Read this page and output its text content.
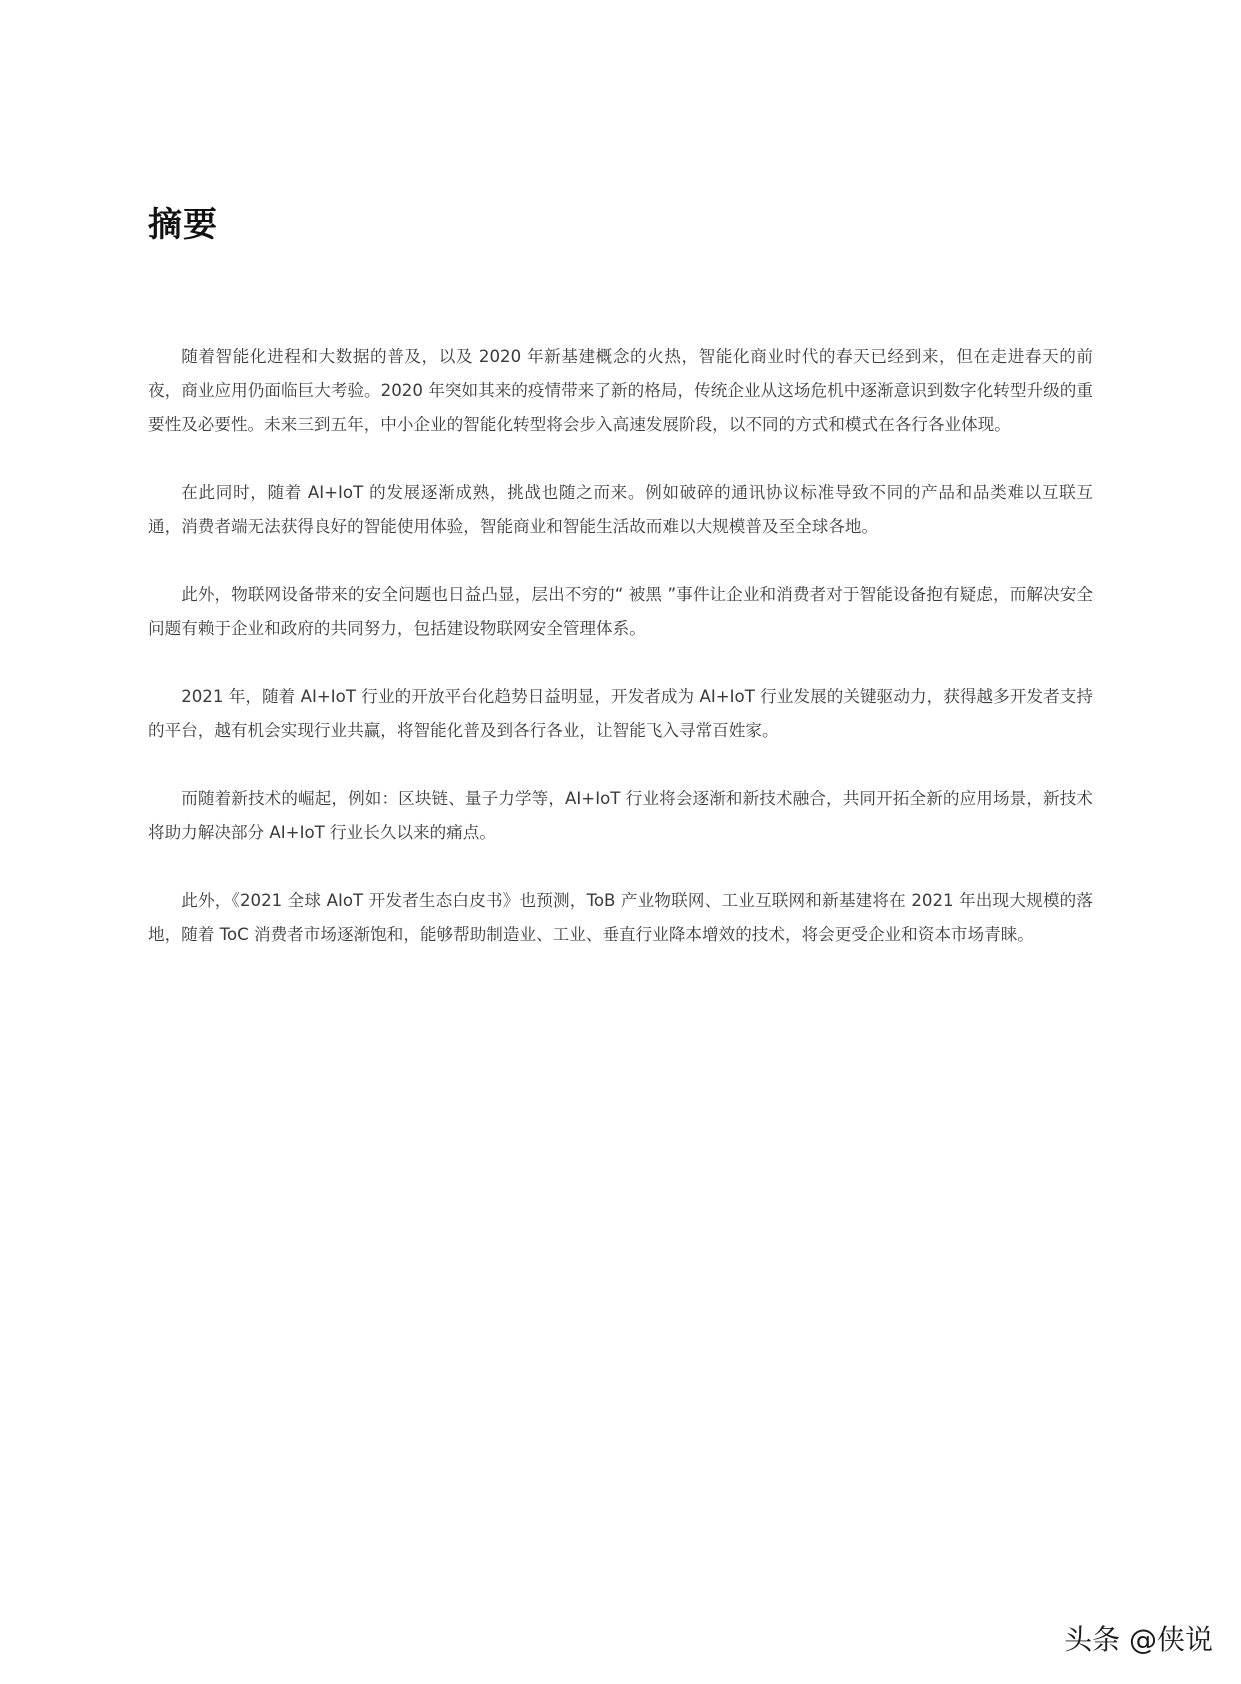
摘要

随着智能化进程和大数据的普及，以及 2020 年新基建概念的火热，智能化商业时代的春天已经到来，但在走进春天的前夜，商业应用仍面临巨大考验。2020 年突如其来的疫情带来了新的格局，传统企业从这场危机中逐渐意识到数字化转型升级的重要性及必要性。未来三到五年，中小企业的智能化转型将会步入高速发展阶段，以不同的方式和模式在各行各业体现。

在此同时，随着 AI+IoT 的发展逐渐成熟，挑战也随之而来。例如破碎的通讯协议标准导致不同的产品和品类难以互联互通，消费者端无法获得良好的智能使用体验，智能商业和智能生活故而难以大规模普及至全球各地。

此外，物联网设备带来的安全问题也日益凸显，层出不穷的“ 被黑 ”事件让企业和消费者对于智能设备抱有疑虑，而解决安全问题有赖于企业和政府的共同努力，包括建设物联网安全管理体系。

2021 年，随着 AI+IoT 行业的开放平台化趋势日益明显，开发者成为 AI+IoT 行业发展的关键驱动力，获得越多开发者支持的平台，越有机会实现行业共赢，将智能化普及到各行各业，让智能飞入寻常百姓家。

而随着新技术的崛起，例如：区块链、量子力学等，AI+IoT 行业将会逐渐和新技术融合，共同开拓全新的应用场景，新技术将助力解决部分 AI+IoT 行业长久以来的痛点。

此外，《2021 全球 AIoT 开发者生态白皮书》也预测，ToB 产业物联网、工业互联网和新基建将在 2021 年出现大规模的落地，随着 ToC 消费者市场逐渐饱和，能够帮助制造业、工业、垂直行业降本增效的技术，将会更受企业和资本市场青睐。

头条 @侠说
